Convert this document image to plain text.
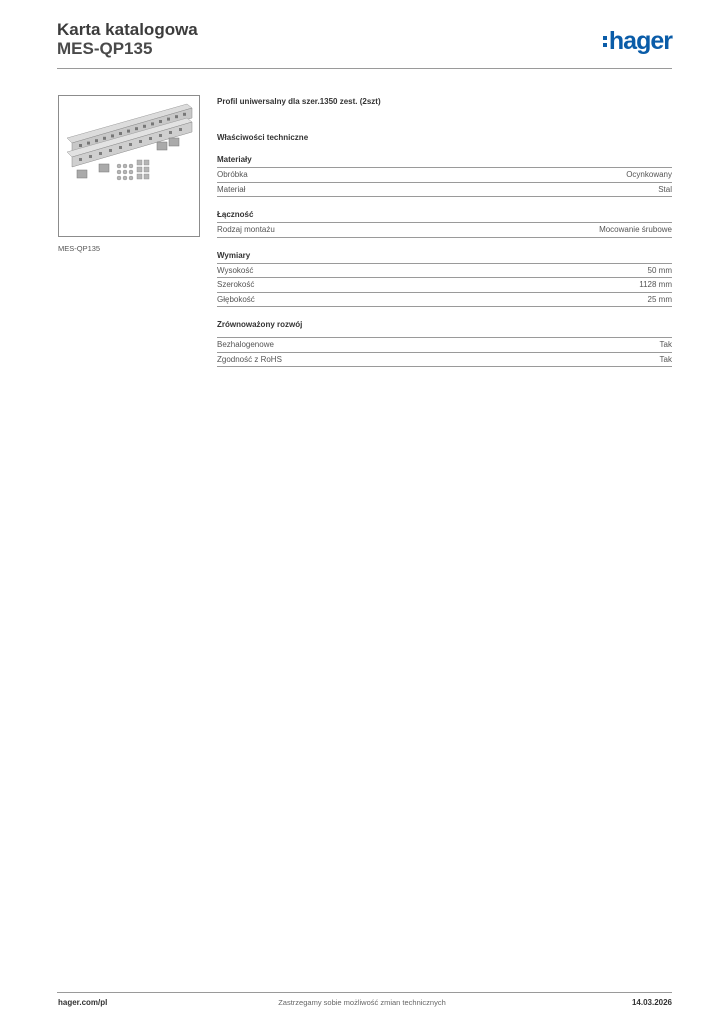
Karta katalogowa
MES-QP135	hager
MES-QP135

Profil uniwersalny dla szer.1350 zest. (2szt)

Właściwości techniczne

Materiały

Obróbka	Ocynkowany
Materiał	Stal

Łączność

Rodzaj montażu	Mocowanie śrubowe

Wymiary

Wysokość	50 mm
Szerokość	1128 mm
Głębokość	25 mm

Zrównoważony rozwój

Bezhalogenowe	Tak
Zgodność z RoHS	Tak
hager.com/pl	Zastrzegamy sobie możliwość zmian technicznych	14.03.2026
